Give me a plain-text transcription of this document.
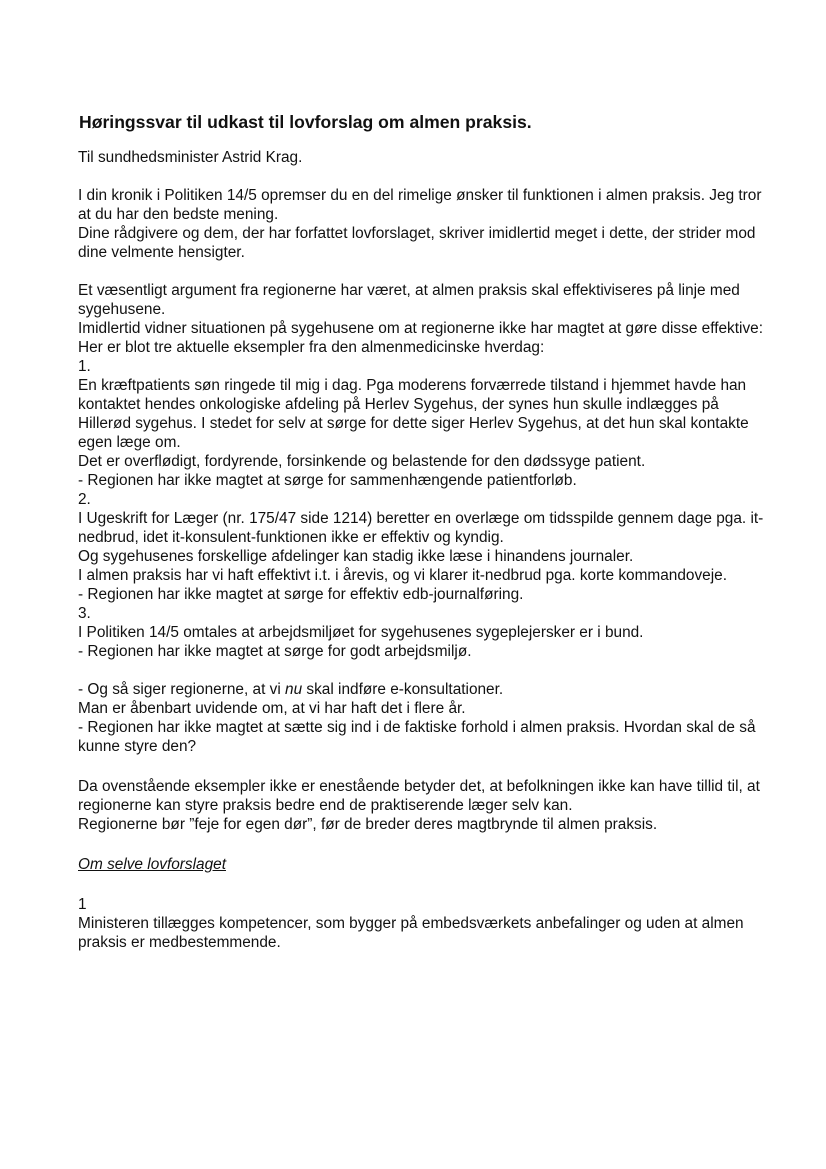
Høringssvar til udkast til lovforslag om almen praksis.

Til sundhedsminister Astrid Krag.

I din kronik i Politiken 14/5 opremser du en del rimelige ønsker til funktionen i almen praksis. Jeg tror at du har den bedste mening.

Dine rådgivere og dem, der har forfattet lovforslaget, skriver imidlertid meget i dette, der strider mod dine velmente hensigter.

Et væsentligt argument fra regionerne har været, at almen praksis skal effektiviseres på linje med sygehusene.

Imidlertid vidner situationen på sygehusene om at regionerne ikke har magtet at gøre disse effektive:

Her er blot tre aktuelle eksempler fra den almenmedicinske hverdag:

1.

En kræftpatients søn ringede til mig i dag. Pga moderens forværrede tilstand i hjemmet havde han kontaktet hendes onkologiske afdeling på Herlev Sygehus, der synes hun skulle indlægges på Hillerød sygehus. I stedet for selv at sørge for dette siger Herlev Sygehus, at det hun skal kontakte egen læge om.

Det er overflødigt, fordyrende, forsinkende og belastende for den dødssyge patient.

- Regionen har ikke magtet at sørge for sammenhængende patientforløb.

2.

I Ugeskrift for Læger (nr. 175/47 side 1214) beretter en overlæge om tidsspilde gennem dage pga. it-nedbrud, idet it-konsulent-funktionen ikke er effektiv og kyndig.

Og sygehusenes forskellige afdelinger kan stadig ikke læse i hinandens journaler.

I almen praksis har vi haft effektivt i.t. i årevis, og vi klarer it-nedbrud pga. korte kommandoveje.

- Regionen har ikke magtet at sørge for effektiv edb-journalføring.

3.

I Politiken 14/5 omtales at arbejdsmiljøet for sygehusenes sygeplejersker er i bund.

- Regionen har ikke magtet at sørge for godt arbejdsmiljø.

- Og så siger regionerne, at vi nu skal indføre e-konsultationer.

Man er åbenbart uvidende om, at vi har haft det i flere år.

- Regionen har ikke magtet at sætte sig ind i de faktiske forhold i almen praksis. Hvordan skal de så kunne styre den?

Da ovenstående eksempler ikke er enestående betyder det, at befolkningen ikke kan have tillid til, at regionerne kan styre praksis bedre end de praktiserende læger selv kan.

Regionerne bør ”feje for egen dør”, før de breder deres magtbrynde til almen praksis.

Om selve lovforslaget

1

Ministeren tillægges kompetencer, som bygger på embedsværkets anbefalinger og uden at almen praksis er medbestemmende.
